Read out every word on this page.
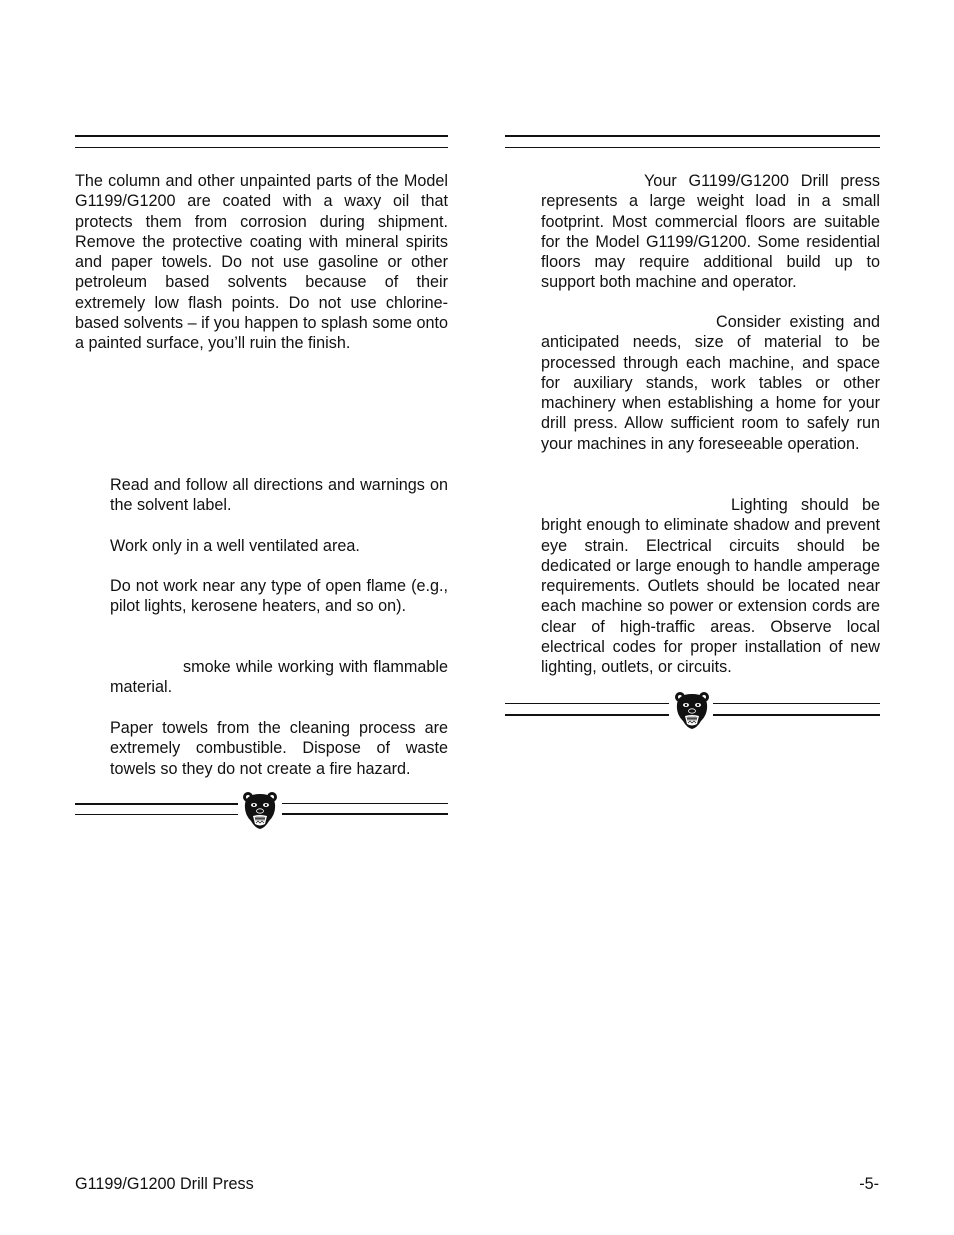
The column and other unpainted parts of the Model G1199/G1200 are coated with a waxy oil that protects them from corrosion during shipment. Remove the protective coating with mineral spirits and paper towels. Do not use gasoline or other petroleum based solvents because of their extremely low flash points. Do not use chlorine-based solvents – if you happen to splash some onto a painted surface, you’ll ruin the finish.

Read and follow all directions and warnings on the solvent label.

Work only in a well ventilated area.

Do not work near any type of open flame (e.g., pilot lights, kerosene heaters, and so on).

smoke while working with flammable material.

Paper towels from the cleaning process are extremely combustible. Dispose of waste towels so they do not create a fire hazard.

Your G1199/G1200 Drill press represents a large weight load in a small footprint. Most commercial floors are suitable for the Model G1199/G1200. Some residential floors may require additional build up to support both machine and operator.

Consider existing and anticipated needs, size of material to be processed through each machine, and space for auxiliary stands, work tables or other machinery when establishing a home for your drill press. Allow sufficient room to safely run your machines in any foreseeable operation.

Lighting should be bright enough to eliminate shadow and prevent eye strain. Electrical circuits should be dedicated or large enough to handle amperage requirements. Outlets should be located near each machine so power or extension cords are clear of high-traffic areas. Observe local electrical codes for proper installation of new lighting, outlets, or circuits.

G1199/G1200 Drill Press	-5-
